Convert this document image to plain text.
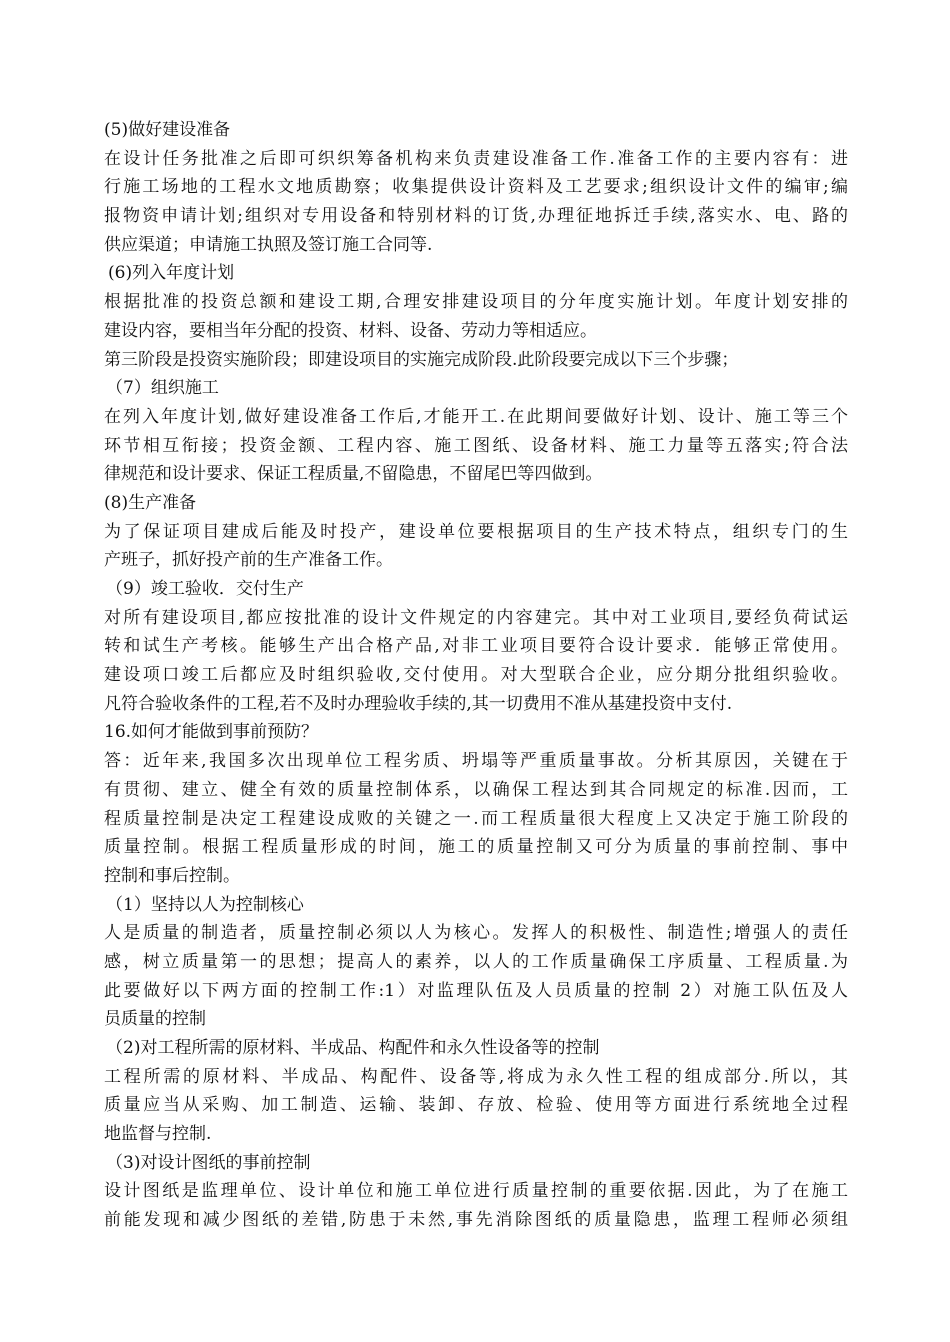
(5)做好建设准备
在设计任务批准之后即可织织筹备机构来负责建设准备工作.准备工作的主要内容有：进
行施工场地的工程水文地质勘察；收集提供设计资料及工艺要求;组织设计文件的编审;编
报物资申请计划;组织对专用设备和特别材料的订货,办理征地拆迁手续,落实水、电、路的
供应渠道；申请施工执照及签订施工合同等.
(6)列入年度计划
根据批准的投资总额和建设工期,合理安排建设项目的分年度实施计划。年度计划安排的
建设内容，要相当年分配的投资、材料、设备、劳动力等相适应。
第三阶段是投资实施阶段；即建设项目的实施完成阶段.此阶段要完成以下三个步骤；
（7）组织施工
在列入年度计划,做好建设准备工作后,才能开工.在此期间要做好计划、设计、施工等三个
环节相互衔接；投资金额、工程内容、施工图纸、设备材料、施工力量等五落实;符合法
律规范和设计要求、保证工程质量,不留隐患，不留尾巴等四做到。
(8)生产准备
为了保证项目建成后能及时投产，建设单位要根据项目的生产技术特点，组织专门的生
产班子，抓好投产前的生产准备工作。
（9）竣工验收．交付生产
对所有建设项目,都应按批准的设计文件规定的内容建完。其中对工业项目,要经负荷试运
转和试生产考核。能够生产出合格产品,对非工业项目要符合设计要求．能够正常使用。
建设项口竣工后都应及时组织验收,交付使用。对大型联合企业，应分期分批组织验收。
凡符合验收条件的工程,若不及时办理验收手续的,其一切费用不准从基建投资中支付.
16.如何才能做到事前预防？
答：近年来,我国多次出现单位工程劣质、坍塌等严重质量事故。分析其原因，关键在于
有贯彻、建立、健全有效的质量控制体系，以确保工程达到其合同规定的标准.因而，工
程质量控制是决定工程建设成败的关键之一.而工程质量很大程度上又决定于施工阶段的
质量控制。根据工程质量形成的时间，施工的质量控制又可分为质量的事前控制、事中
控制和事后控制。
（1）坚持以人为控制核心
人是质量的制造者，质量控制必须以人为核心。发挥人的积极性、制造性;增强人的责任
感，树立质量第一的思想；提高人的素养，以人的工作质量确保工序质量、工程质量.为
此要做好以下两方面的控制工作:1）对监理队伍及人员质量的控制 2）对施工队伍及人
员质量的控制
（2)对工程所需的原材料、半成品、构配件和永久性设备等的控制
工程所需的原材料、半成品、构配件、设备等,将成为永久性工程的组成部分.所以，其
质量应当从采购、加工制造、运输、装卸、存放、检验、使用等方面进行系统地全过程
地监督与控制.
（3)对设计图纸的事前控制
设计图纸是监理单位、设计单位和施工单位进行质量控制的重要依据.因此，为了在施工
前能发现和减少图纸的差错,防患于未然,事先消除图纸的质量隐患，监理工程师必须组
